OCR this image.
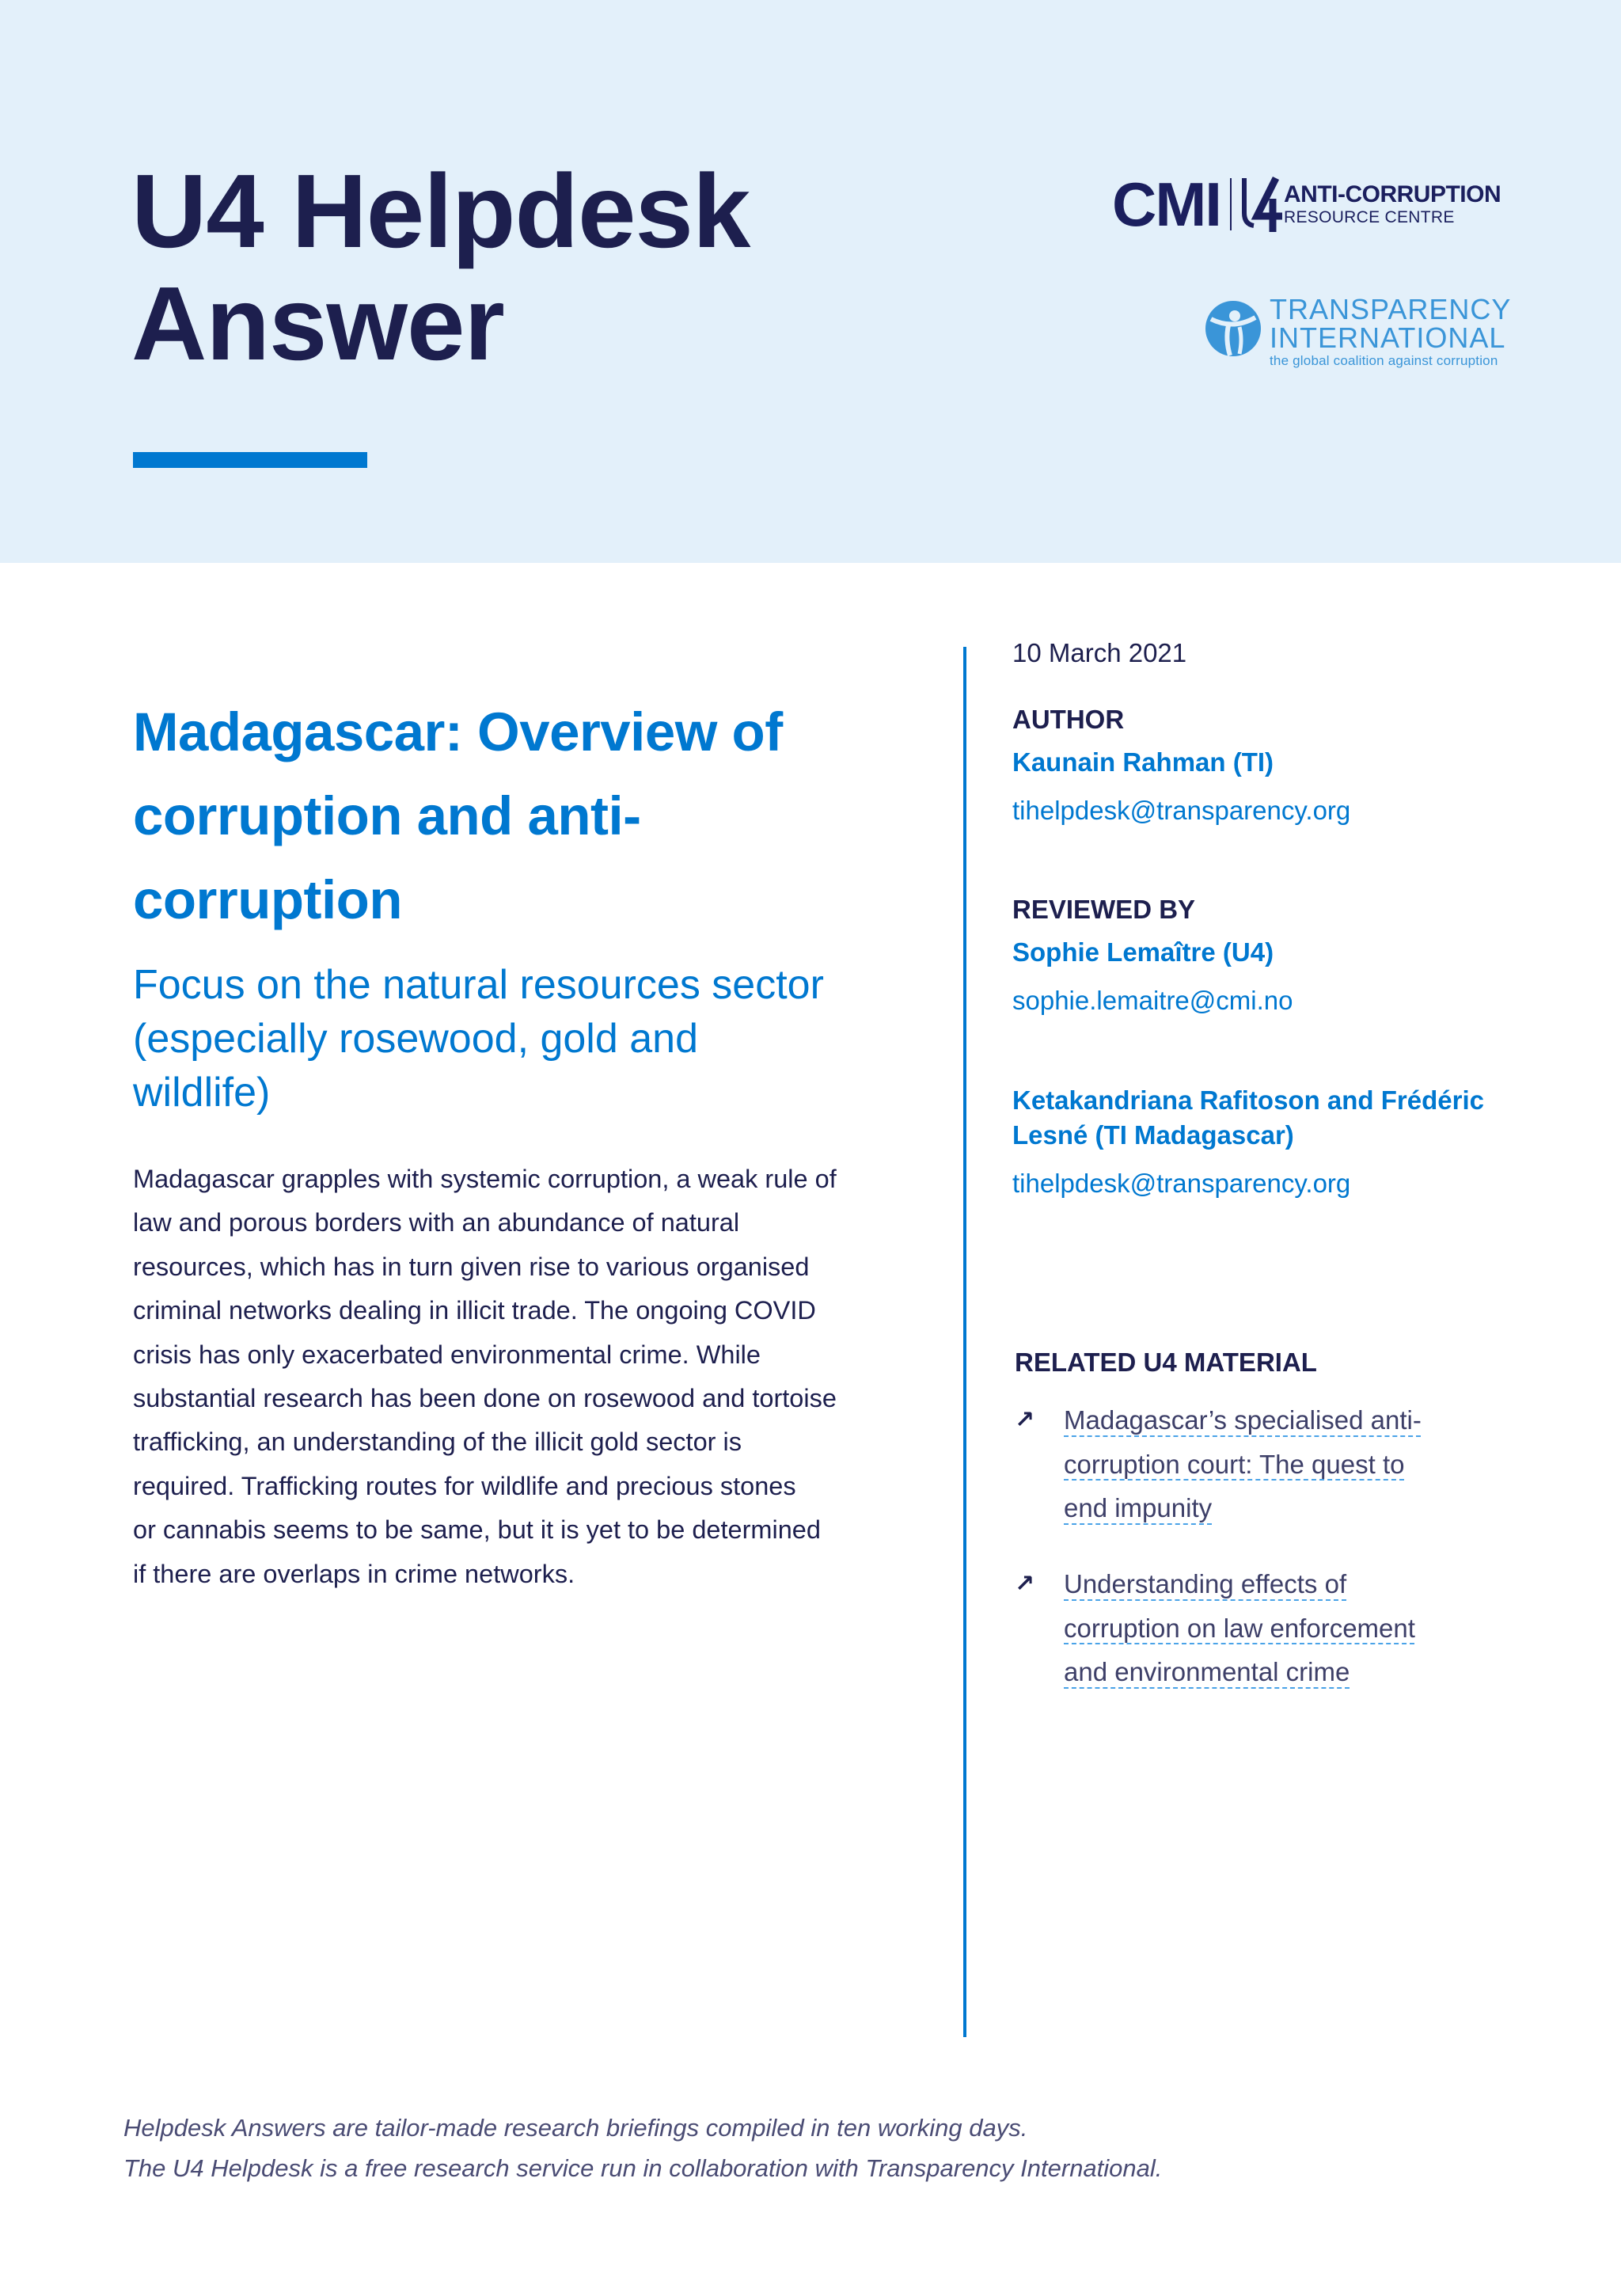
U4 Helpdesk
Answer
CMI	ANTI-CORRUPTION
RESOURCE CENTRE
TRANSPARENCY
INTERNATIONAL
the global coalition against corruption
Madagascar: Overview of
corruption and anti-
corruption
Focus on the natural resources sector
(especially rosewood, gold and
wildlife)
Madagascar grapples with systemic corruption, a weak rule of
law and porous borders with an abundance of natural
resources, which has in turn given rise to various organised
criminal networks dealing in illicit trade. The ongoing COVID
crisis has only exacerbated environmental crime. While
substantial research has been done on rosewood and tortoise
trafficking, an understanding of the illicit gold sector is
required. Trafficking routes for wildlife and precious stones
or cannabis seems to be same, but it is yet to be determined
if there are overlaps in crime networks.
10 March 2021
AUTHOR
Kaunain Rahman (TI)
tihelpdesk@transparency.org
REVIEWED BY
Sophie Lemaître (U4)
sophie.lemaitre@cmi.no
Ketakandriana Rafitoson and Frédéric
Lesné (TI Madagascar)
tihelpdesk@transparency.org
RELATED U4 MATERIAL
↗	Madagascar’s specialised anti-
corruption court: The quest to
end impunity
↗	Understanding effects of
corruption on law enforcement
and environmental crime
Helpdesk Answers are tailor-made research briefings compiled in ten working days.
The U4 Helpdesk is a free research service run in collaboration with Transparency International.
